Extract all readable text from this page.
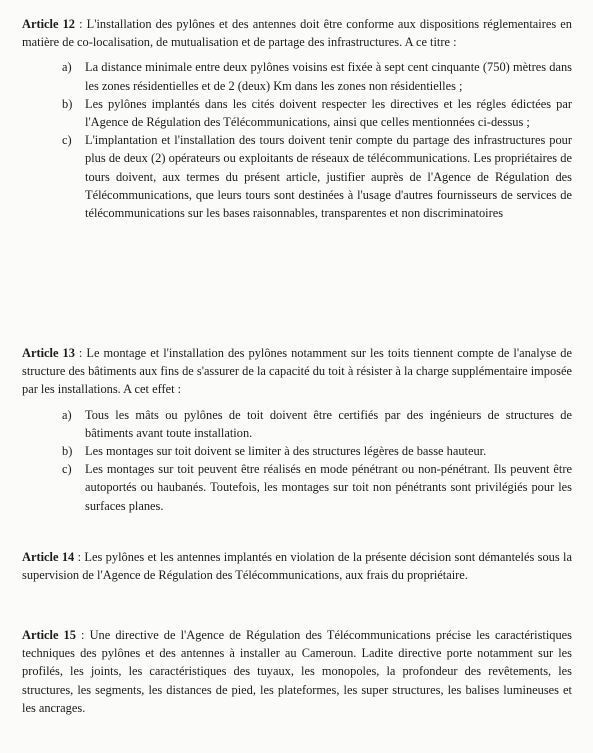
Article 12 : L'installation des pylônes et des antennes doit être conforme aux dispositions réglementaires en matière de co-localisation, de mutualisation et de partage des infrastructures. A ce titre :

a) La distance minimale entre deux pylônes voisins est fixée à sept cent cinquante (750) mètres dans les zones résidentielles et de 2 (deux) Km dans les zones non résidentielles ;
b) Les pylônes implantés dans les cités doivent respecter les directives et les régles édictées par l'Agence de Régulation des Télécommunications, ainsi que celles mentionnées ci-dessus ;
c) L'implantation et l'installation des tours doivent tenir compte du partage des infrastructures pour plus de deux (2) opérateurs ou exploitants de réseaux de télécommunications. Les propriétaires de tours doivent, aux termes du présent article, justifier auprès de l'Agence de Régulation des Télécommunications, que leurs tours sont destinées à l'usage d'autres fournisseurs de services de télécommunications sur les bases raisonnables, transparentes et non discriminatoires

Article 13 : Le montage et l'installation des pylônes notamment sur les toits tiennent compte de l'analyse de structure des bâtiments aux fins de s'assurer de la capacité du toit à résister à la charge supplémentaire imposée par les installations. A cet effet :

a) Tous les mâts ou pylônes de toit doivent être certifiés par des ingénieurs de structures de bâtiments avant toute installation.
b) Les montages sur toit doivent se limiter à des structures légères de basse hauteur.
c) Les montages sur toit peuvent être réalisés en mode pénétrant ou non-pénétrant. Ils peuvent être autoportés ou haubanés. Toutefois, les montages sur toit non pénétrants sont privilégiés pour les surfaces planes.

Article 14 : Les pylônes et les antennes implantés en violation de la présente décision sont démantelés sous la supervision de l'Agence de Régulation des Télécommunications, aux frais du propriétaire.

Article 15 : Une directive de l'Agence de Régulation des Télécommunications précise les caractéristiques techniques des pylônes et des antennes à installer au Cameroun. Ladite directive porte notamment sur les profilés, les joints, les caractéristiques des tuyaux, les monopoles, la profondeur des revêtements, les structures, les segments, les distances de pied, les plateformes, les super structures, les balises lumineuses et les ancrages.
